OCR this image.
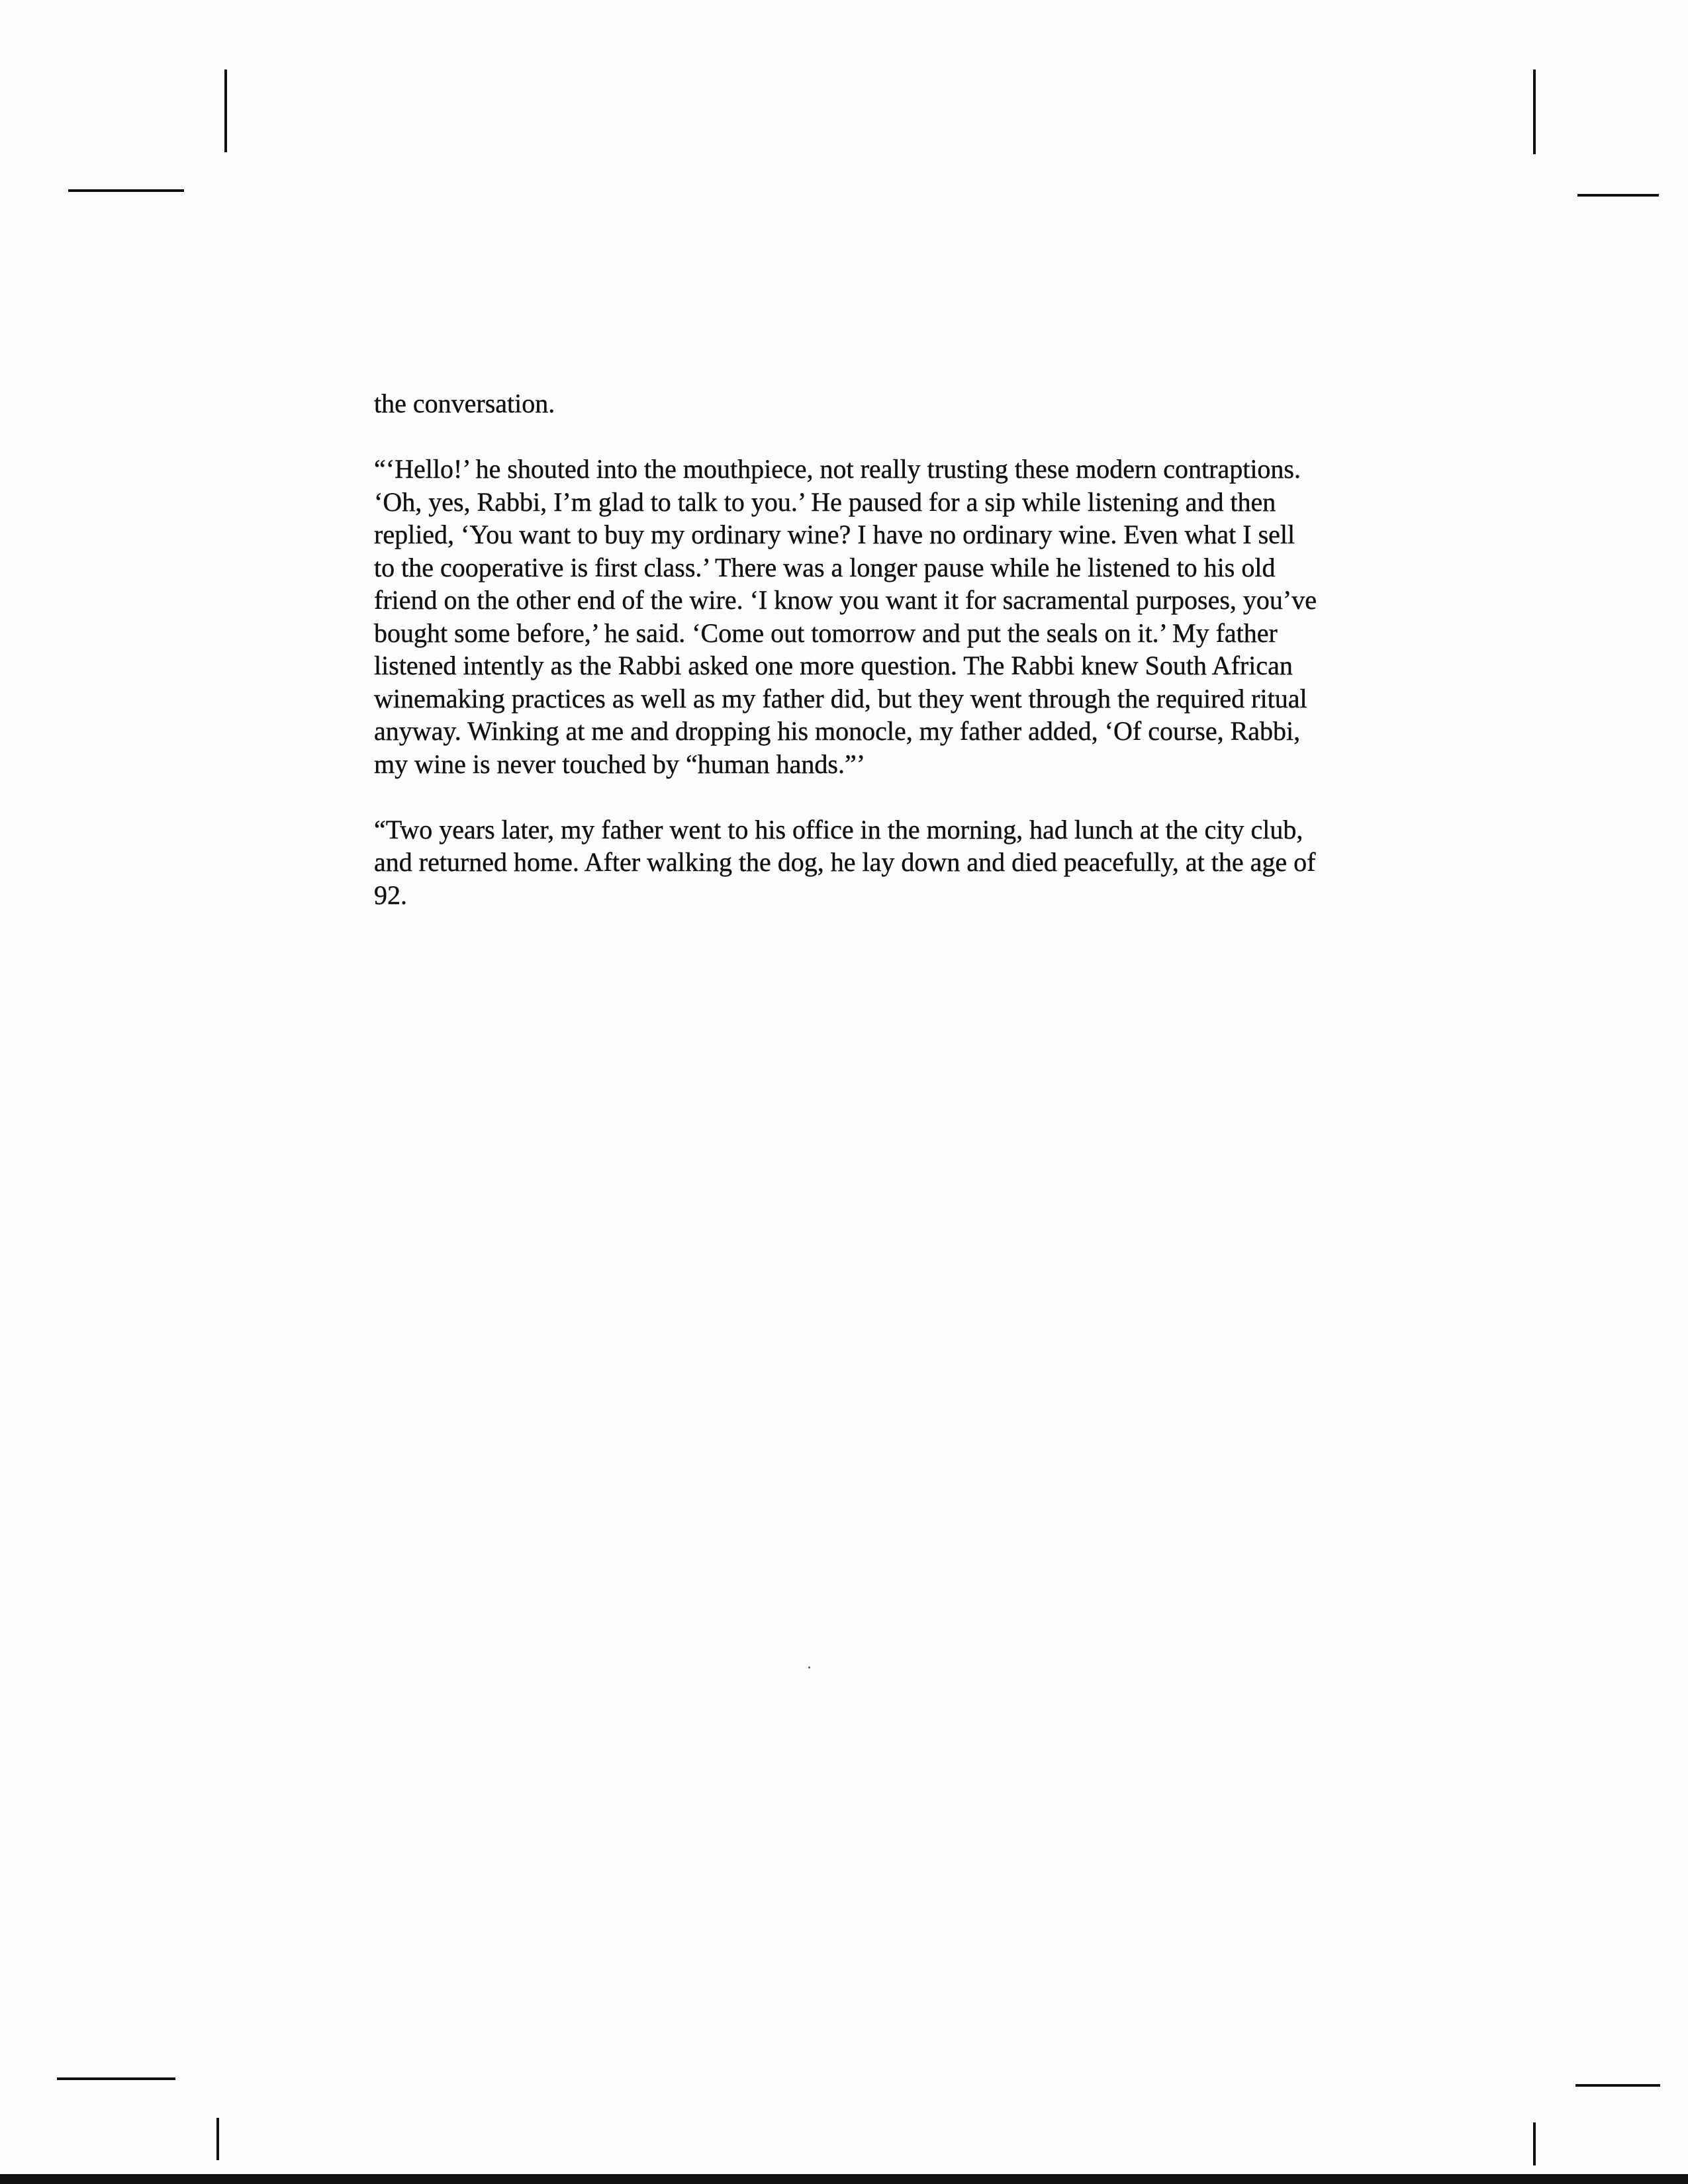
the conversation.

“‘Hello!’ he shouted into the mouthpiece, not really trusting these modern contraptions.
‘Oh, yes, Rabbi, I’m glad to talk to you.’ He paused for a sip while listening and then
replied, ‘You want to buy my ordinary wine? I have no ordinary wine. Even what I sell
to the cooperative is first class.’ There was a longer pause while he listened to his old
friend on the other end of the wire. ‘I know you want it for sacramental purposes, you’ve
bought some before,’ he said. ‘Come out tomorrow and put the seals on it.’ My father
listened intently as the Rabbi asked one more question. The Rabbi knew South African
winemaking practices as well as my father did, but they went through the required ritual
anyway. Winking at me and dropping his monocle, my father added, ‘Of course, Rabbi,
my wine is never touched by “human hands.”’

“Two years later, my father went to his office in the morning, had lunch at the city club,
and returned home. After walking the dog, he lay down and died peacefully, at the age of
92.
